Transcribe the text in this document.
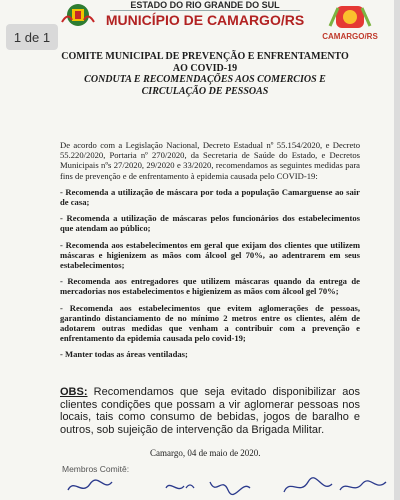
1 de 1
ESTADO DO RIO GRANDE DO SUL
MUNICÍPIO DE CAMARGO/RS
CAMARGO/RS
COMITE MUNICIPAL DE PREVENÇÃO E ENFRENTAMENTO
AO COVID-19
CONDUTA E RECOMENDAÇÕES AOS COMERCIOS E
CIRCULAÇÃO DE PESSOAS

De acordo com a Legislação Nacional, Decreto Estadual nº 55.154/2020, e Decreto 55.220/2020, Portaria nº 270/2020, da Secretaria de Saúde do Estado, e Decretos Municipais nºs 27/2020, 29/2020 e 33/2020, recomendamos as seguintes medidas para fins de prevenção e de enfrentamento à epidemia causada pelo COVID-19:

- Recomenda a utilização de máscara por toda a população Camarguense ao sair de casa;

- Recomenda a utilização de máscaras pelos funcionários dos estabelecimentos que atendam ao público;

- Recomenda aos estabelecimentos em geral que exijam dos clientes que utilizem máscaras e higienizem as mãos com álcool gel 70%, ao adentrarem em seus estabelecimentos;

- Recomenda aos entregadores que utilizem máscaras quando da entrega de mercadorias nos estabelecimentos e higienizem as mãos com álcool gel 70%;

- Recomenda aos estabelecimentos que evitem aglomerações de pessoas, garantindo distanciamento de no mínimo 2 metros entre os clientes, além de adotarem outras medidas que venham a contribuir com a prevenção e enfrentamento da epidemia causada pelo covid-19;

- Manter todas as áreas ventiladas;

OBS: Recomendamos que seja evitado disponibilizar aos clientes condições que possam a vir aglomerar pessoas nos locais, tais como consumo de bebidas, jogos de baralho e outros, sob sujeição de intervenção da Brigada Militar.
Camargo, 04 de maio de 2020.
Membros Comitê:
